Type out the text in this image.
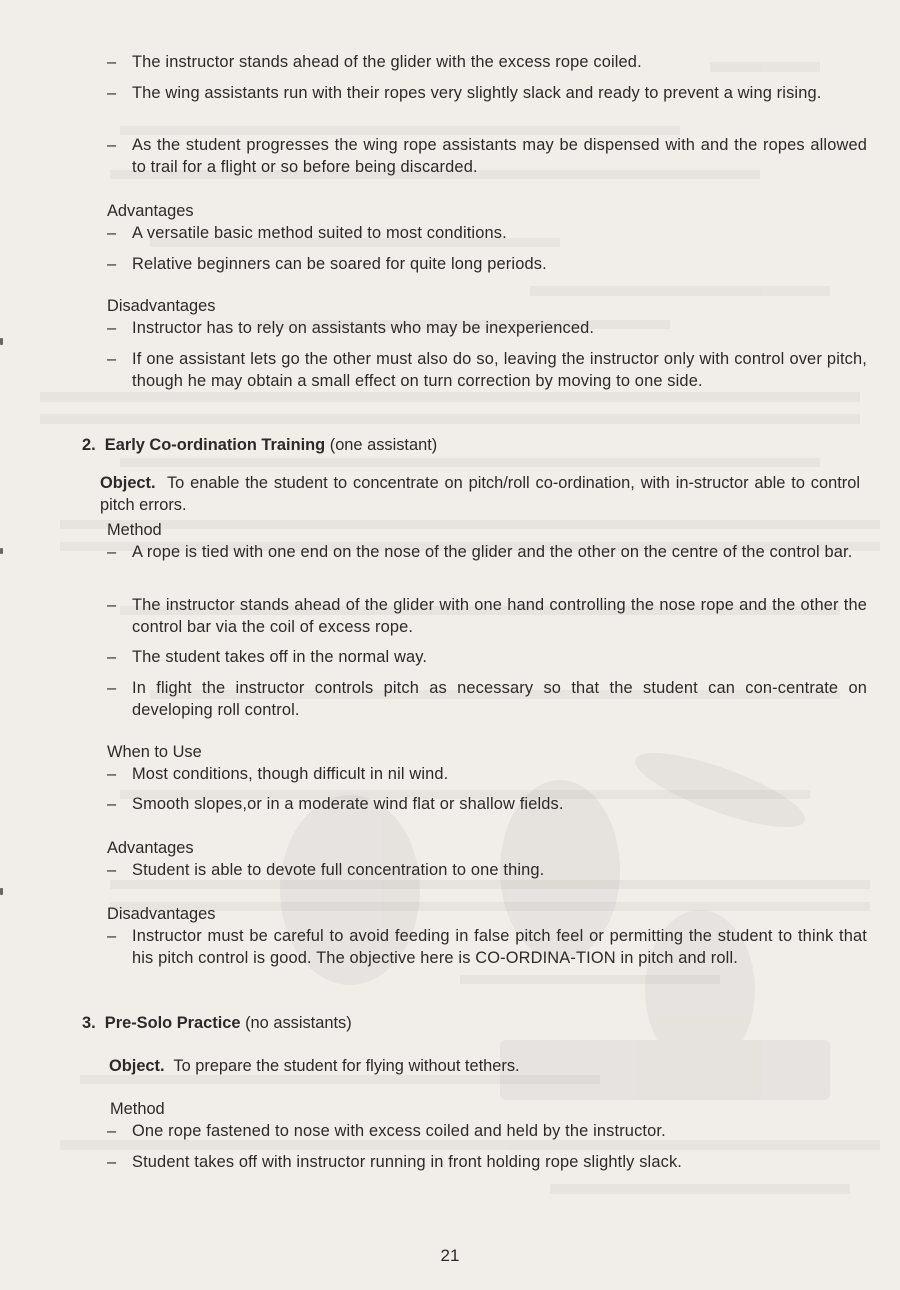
– The instructor stands ahead of the glider with the excess rope coiled.
– The wing assistants run with their ropes very slightly slack and ready to prevent a wing rising.
– As the student progresses the wing rope assistants may be dispensed with and the ropes allowed to trail for a flight or so before being discarded.
Advantages
– A versatile basic method suited to most conditions.
– Relative beginners can be soared for quite long periods.
Disadvantages
– Instructor has to rely on assistants who may be inexperienced.
– If one assistant lets go the other must also do so, leaving the instructor only with control over pitch, though he may obtain a small effect on turn correction by moving to one side.
2. Early Co-ordination Training (one assistant)
Object. To enable the student to concentrate on pitch/roll co-ordination, with in-structor able to control pitch errors.
Method
– A rope is tied with one end on the nose of the glider and the other on the centre of the control bar.
– The instructor stands ahead of the glider with one hand controlling the nose rope and the other the control bar via the coil of excess rope.
– The student takes off in the normal way.
– In flight the instructor controls pitch as necessary so that the student can con-centrate on developing roll control.
When to Use
– Most conditions, though difficult in nil wind.
– Smooth slopes,or in a moderate wind flat or shallow fields.
Advantages
– Student is able to devote full concentration to one thing.
Disadvantages
– Instructor must be careful to avoid feeding in false pitch feel or permitting the student to think that his pitch control is good. The objective here is CO-ORDINA-TION in pitch and roll.
3. Pre-Solo Practice (no assistants)
Object. To prepare the student for flying without tethers.
Method
– One rope fastened to nose with excess coiled and held by the instructor.
– Student takes off with instructor running in front holding rope slightly slack.
21
